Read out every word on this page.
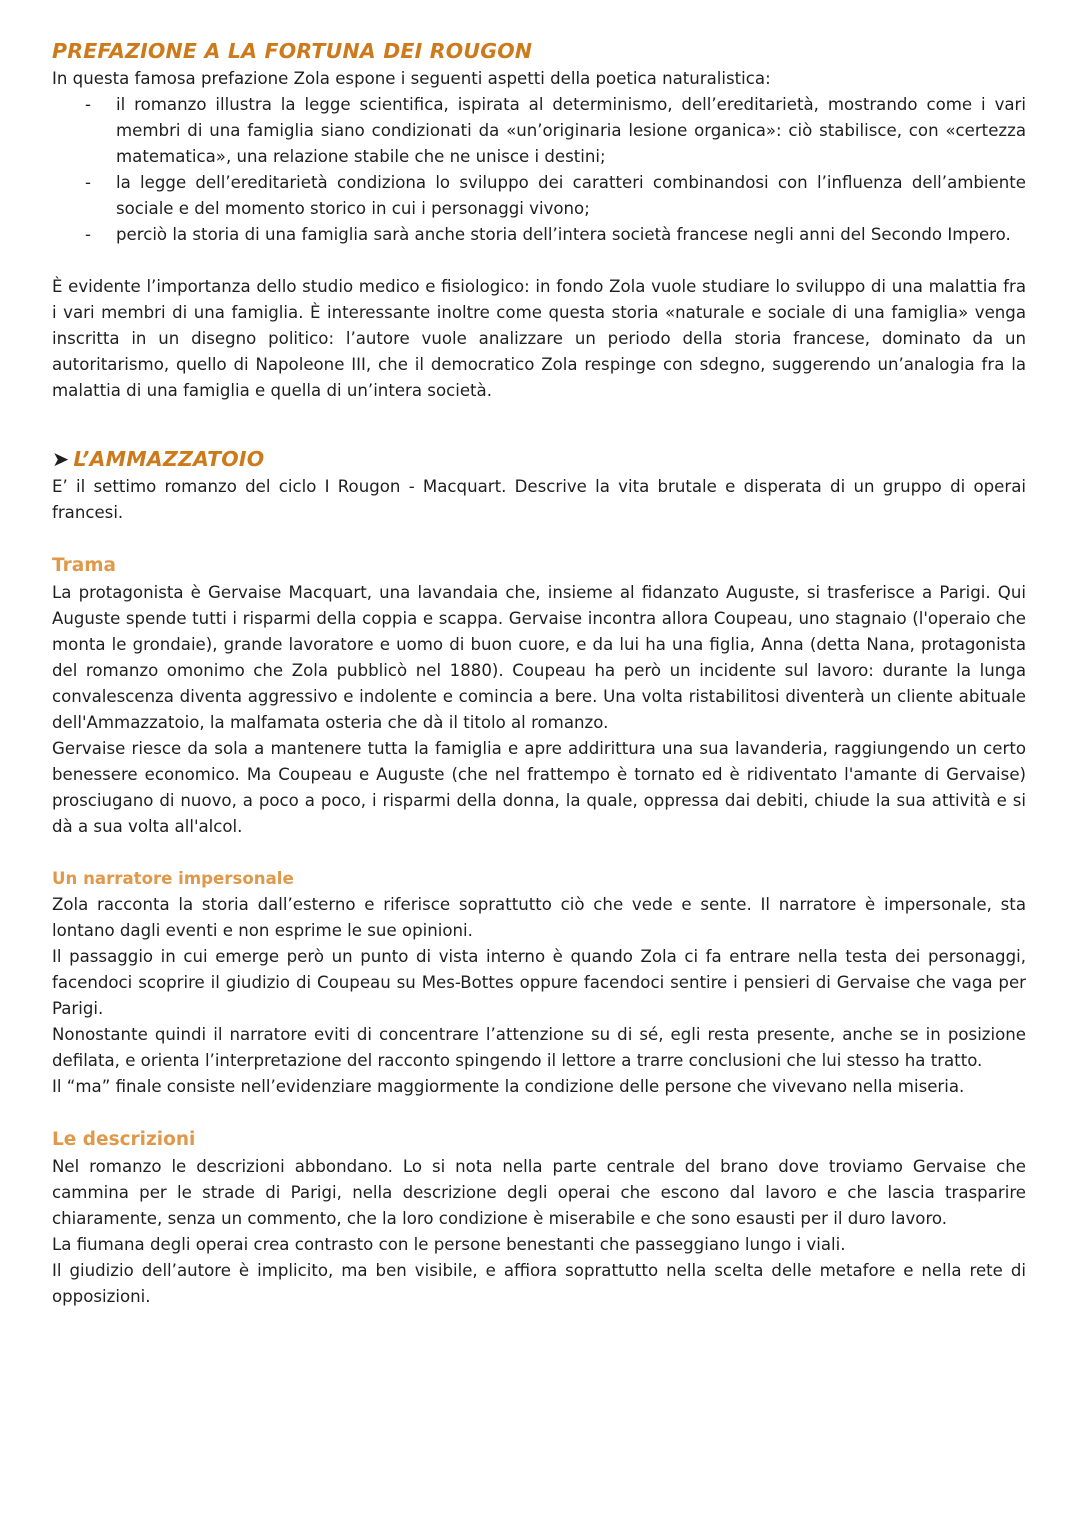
PREFAZIONE A LA FORTUNA DEI ROUGON

In questa famosa prefazione Zola espone i seguenti aspetti della poetica naturalistica:

- il romanzo illustra la legge scientifica, ispirata al determinismo, dell’ereditarietà, mostrando come i vari membri di una famiglia siano condizionati da «un’originaria lesione organica»: ciò stabilisce, con «certezza matematica», una relazione stabile che ne unisce i destini;
- la legge dell’ereditarietà condiziona lo sviluppo dei caratteri combinandosi con l’influenza dell’ambiente sociale e del momento storico in cui i personaggi vivono;
- perciò la storia di una famiglia sarà anche storia dell’intera società francese negli anni del Secondo Impero.

È evidente l’importanza dello studio medico e fisiologico: in fondo Zola vuole studiare lo sviluppo di una malattia fra i vari membri di una famiglia. È interessante inoltre come questa storia «naturale e sociale di una famiglia» venga inscritta in un disegno politico: l’autore vuole analizzare un periodo della storia francese, dominato da un autoritarismo, quello di Napoleone III, che il democratico Zola respinge con sdegno, suggerendo un’analogia fra la malattia di una famiglia e quella di un’intera società.

➤ L’AMMAZZATOIO

E’ il settimo romanzo del ciclo I Rougon - Macquart. Descrive la vita brutale e disperata di un gruppo di operai francesi.

Trama

La protagonista è Gervaise Macquart, una lavandaia che, insieme al fidanzato Auguste, si trasferisce a Parigi. Qui Auguste spende tutti i risparmi della coppia e scappa. Gervaise incontra allora Coupeau, uno stagnaio (l'operaio che monta le grondaie), grande lavoratore e uomo di buon cuore, e da lui ha una figlia, Anna (detta Nana, protagonista del romanzo omonimo che Zola pubblicò nel 1880). Coupeau ha però un incidente sul lavoro: durante la lunga convalescenza diventa aggressivo e indolente e comincia a bere. Una volta ristabilitosi diventerà un cliente abituale dell'Ammazzatoio, la malfamata osteria che dà il titolo al romanzo.

Gervaise riesce da sola a mantenere tutta la famiglia e apre addirittura una sua lavanderia, raggiungendo un certo benessere economico. Ma Coupeau e Auguste (che nel frattempo è tornato ed è ridiventato l'amante di Gervaise) prosciugano di nuovo, a poco a poco, i risparmi della donna, la quale, oppressa dai debiti, chiude la sua attività e si dà a sua volta all'alcol.

Un narratore impersonale

Zola racconta la storia dall’esterno e riferisce soprattutto ciò che vede e sente. Il narratore è impersonale, sta lontano dagli eventi e non esprime le sue opinioni.

Il passaggio in cui emerge però un punto di vista interno è quando Zola ci fa entrare nella testa dei personaggi, facendoci scoprire il giudizio di Coupeau su Mes-Bottes oppure facendoci sentire i pensieri di Gervaise che vaga per Parigi.

Nonostante quindi il narratore eviti di concentrare l’attenzione su di sé, egli resta presente, anche se in posizione defilata, e orienta l’interpretazione del racconto spingendo il lettore a trarre conclusioni che lui stesso ha tratto.

Il “ma” finale consiste nell’evidenziare maggiormente la condizione delle persone che vivevano nella miseria.

Le descrizioni

Nel romanzo le descrizioni abbondano. Lo si nota nella parte centrale del brano dove troviamo Gervaise che cammina per le strade di Parigi, nella descrizione degli operai che escono dal lavoro e che lascia trasparire chiaramente, senza un commento, che la loro condizione è miserabile e che sono esausti per il duro lavoro.

La fiumana degli operai crea contrasto con le persone benestanti che passeggiano lungo i viali.

Il giudizio dell’autore è implicito, ma ben visibile, e affiora soprattutto nella scelta delle metafore e nella rete di opposizioni.
